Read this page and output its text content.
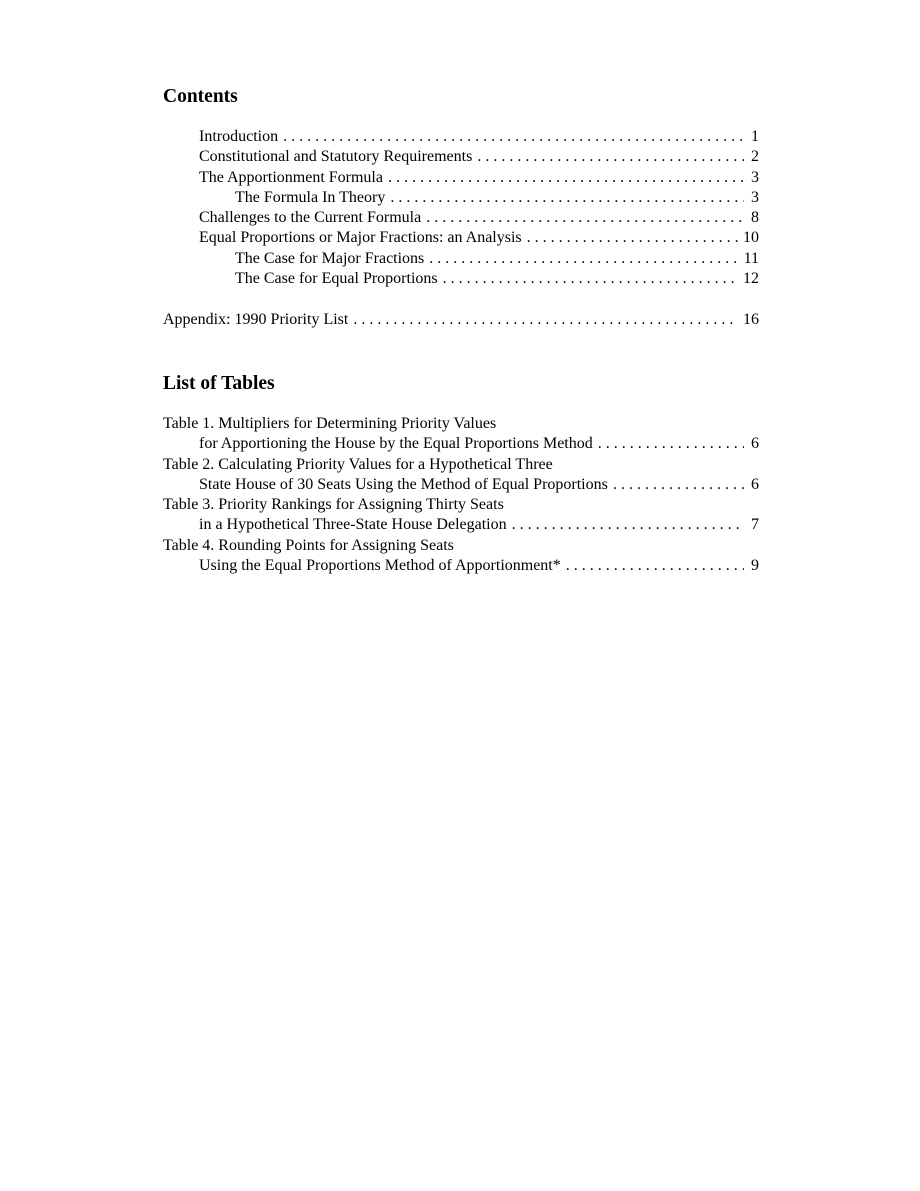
Contents
Introduction . . .	1
Constitutional and Statutory Requirements . . .	2
The Apportionment Formula . . .	3
The Formula In Theory . . .	3
Challenges to the Current Formula . . .	8
Equal Proportions or Major Fractions: an Analysis . . .	10
The Case for Major Fractions . . .	11
The Case for Equal Proportions . . .	12
Appendix: 1990 Priority List . . .	16
List of Tables
Table 1. Multipliers for Determining Priority Values
for Apportioning the House by the Equal Proportions Method . . .	6
Table 2. Calculating Priority Values for a Hypothetical Three
State House of 30 Seats Using the Method of Equal Proportions . . .	6
Table 3. Priority Rankings for Assigning Thirty Seats
in a Hypothetical Three-State House Delegation . . .	7
Table 4. Rounding Points for Assigning Seats
Using the Equal Proportions Method of Apportionment* . . .	9
